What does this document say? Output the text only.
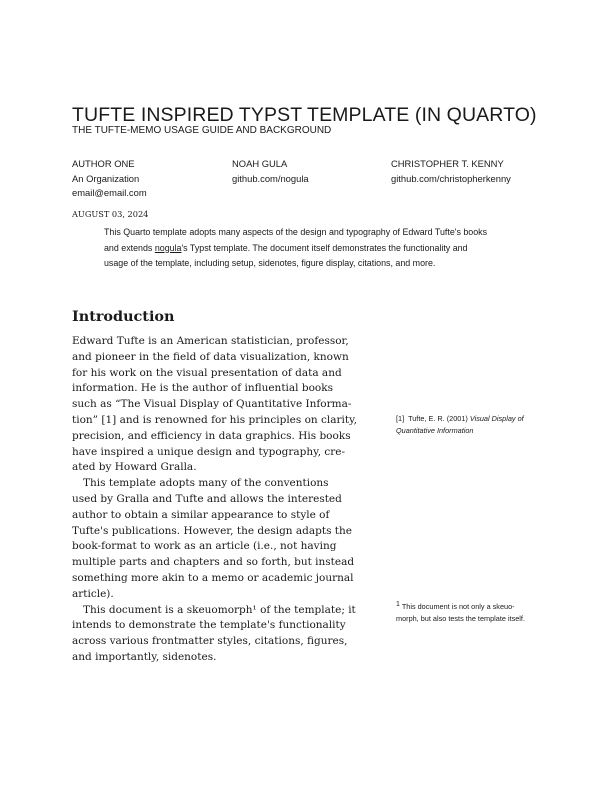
TUFTE INSPIRED TYPST TEMPLATE (IN QUARTO)
THE TUFTE-MEMO USAGE GUIDE AND BACKGROUND
AUTHOR ONE
An Organization
email@email.com
NOAH GULA
github.com/nogula
CHRISTOPHER T. KENNY
github.com/christopherkenny
AUGUST 03, 2024
This Quarto template adopts many aspects of the design and typography of Edward Tufte's books
and extends nogula's Typst template. The document itself demonstrates the functionality and
usage of the template, including setup, sidenotes, figure display, citations, and more.
Introduction
Edward Tufte is an American statistician, professor,
and pioneer in the field of data visualization, known
for his work on the visual presentation of data and
information. He is the author of influential books
such as “The Visual Display of Quantitative Informa-
tion” [1] and is renowned for his principles on clarity,
precision, and efficiency in data graphics. His books
have inspired a unique design and typography, cre-
ated by Howard Gralla.
This template adopts many of the conventions
used by Gralla and Tufte and allows the interested
author to obtain a similar appearance to style of
Tufte's publications. However, the design adapts the
book-format to work as an article (i.e., not having
multiple parts and chapters and so forth, but instead
something more akin to a memo or academic journal
article).
This document is a skeuomorph¹ of the template; it
intends to demonstrate the template's functionality
across various frontmatter styles, citations, figures,
and importantly, sidenotes.
[1] Tufte, E. R. (2001) Visual Display of
Quantitative Information
1 This document is not only a skeuo-
morph, but also tests the template itself.
